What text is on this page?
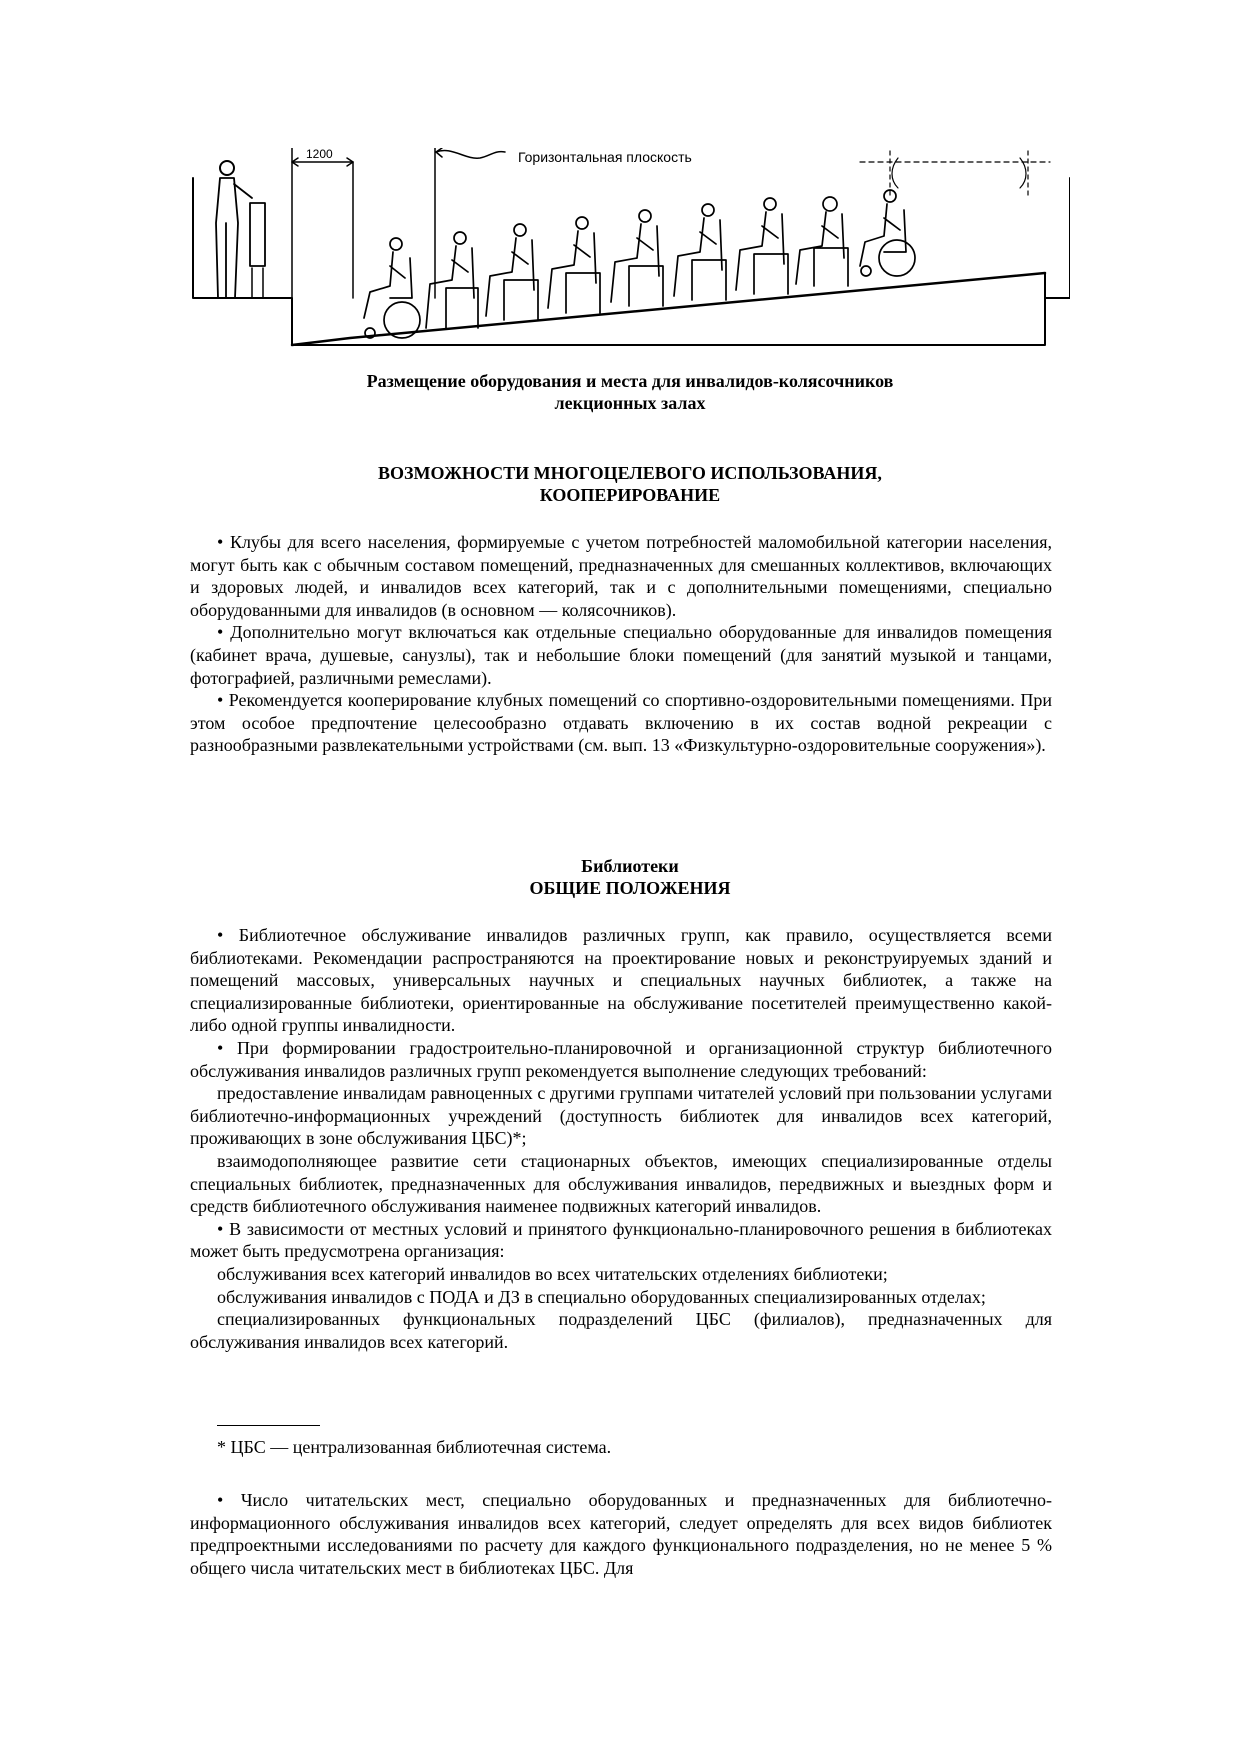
1200	Горизонтальная плоскость
Размещение оборудования и места для инвалидов-колясочников
лекционных залах
ВОЗМОЖНОСТИ МНОГОЦЕЛЕВОГО ИСПОЛЬЗОВАНИЯ,
КООПЕРИРОВАНИЕ

• Клубы для всего населения, формируемые с учетом потребностей маломобильной категории населения, могут быть как с обычным составом помещений, предназначенных для смешанных коллективов, включающих и здоровых людей, и инвалидов всех категорий, так и с дополнительными помещениями, специально оборудованными для инвалидов (в основном — колясочников).

• Дополнительно могут включаться как отдельные специально оборудованные для инвалидов помещения (кабинет врача, душевые, санузлы), так и небольшие блоки помещений (для занятий музыкой и танцами, фотографией, различными ремеслами).

• Рекомендуется кооперирование клубных помещений со спортивно-оздоровительными помещениями. При этом особое предпочтение целесообразно отдавать включению в их состав водной рекреации с разнообразными развлекательными устройствами (см. вып. 13 «Физкультурно-оздоровительные сооружения»).

Библиотеки
ОБЩИЕ ПОЛОЖЕНИЯ

• Библиотечное обслуживание инвалидов различных групп, как правило, осуществляется всеми библиотеками. Рекомендации распространяются на проектирование новых и реконструируемых зданий и помещений массовых, универсальных научных и специальных научных библиотек, а также на специализированные библиотеки, ориентированные на обслуживание посетителей преимущественно какой-либо одной группы инвалидности.

• При формировании градостроительно-планировочной и организационной структур библиотечного обслуживания инвалидов различных групп рекомендуется выполнение следующих требований:

предоставление инвалидам равноценных с другими группами читателей условий при пользовании услугами библиотечно-информационных учреждений (доступность библиотек для инвалидов всех категорий, проживающих в зоне обслуживания ЦБС)*;

взаимодополняющее развитие сети стационарных объектов, имеющих специализированные отделы специальных библиотек, предназначенных для обслуживания инвалидов, передвижных и выездных форм и средств библиотечного обслуживания наименее подвижных категорий инвалидов.

• В зависимости от местных условий и принятого функционально-планировочного решения в библиотеках может быть предусмотрена организация:

обслуживания всех категорий инвалидов во всех читательских отделениях библиотеки;

обслуживания инвалидов с ПОДА и ДЗ в специально оборудованных специализированных отделах;

специализированных функциональных подразделений ЦБС (филиалов), предназначенных для обслуживания инвалидов всех категорий.

* ЦБС — централизованная библиотечная система.

• Число читательских мест, специально оборудованных и предназначенных для библиотечно-информационного обслуживания инвалидов всех категорий, следует определять для всех видов библиотек предпроектными исследованиями по расчету для каждого функционального подразделения, но не менее 5 % общего числа читательских мест в библиотеках ЦБС. Для
